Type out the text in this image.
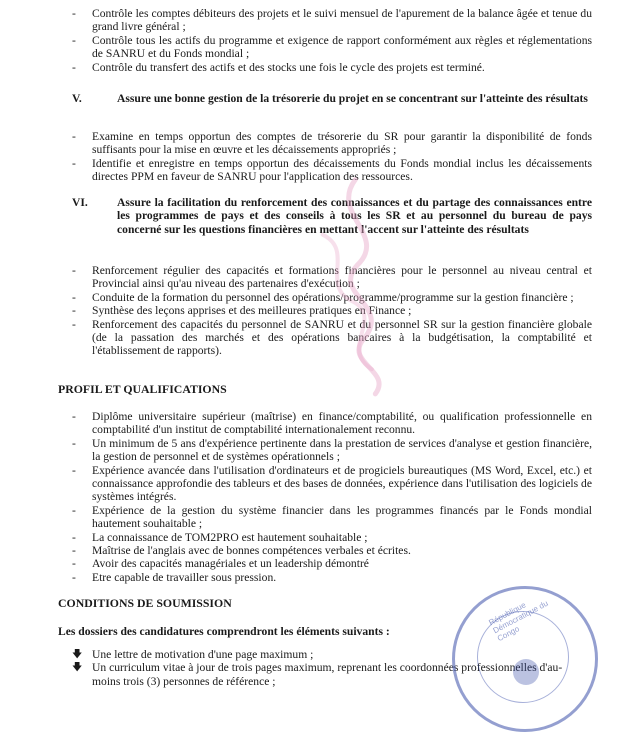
-	Contrôle les comptes débiteurs des projets et le suivi mensuel de l'apurement de la balance âgée et tenue du grand livre général ;
-	Contrôle tous les actifs du programme et exigence de rapport conformément aux règles et réglementations de SANRU et du Fonds mondial ;
-	Contrôle du transfert des actifs et des stocks une fois le cycle des projets est terminé.
V.	Assure une bonne gestion de la trésorerie du projet en se concentrant sur l'atteinte des résultats
-	Examine en temps opportun des comptes de trésorerie du SR pour garantir la disponibilité de fonds suffisants pour la mise en œuvre et les décaissements appropriés ;
-	Identifie et enregistre en temps opportun des décaissements du Fonds mondial inclus les décaissements directes PPM en faveur de SANRU pour l'application des ressources.
VI.	Assure la facilitation du renforcement des connaissances et du partage des connaissances entre les programmes de pays et des conseils à tous les SR et au personnel du bureau de pays concerné sur les questions financières en mettant l'accent sur l'atteinte des résultats
-	Renforcement régulier des capacités et formations financières pour le personnel au niveau central et Provincial ainsi qu'au niveau des partenaires d'exécution ;
-	Conduite de la formation du personnel des opérations/programme/programme sur la gestion financière ;
-	Synthèse des leçons apprises et des meilleures pratiques en Finance ;
-	Renforcement des capacités du personnel de SANRU et du personnel SR sur la gestion financière globale (de la passation des marchés et des opérations bancaires à la budgétisation, la comptabilité et l'établissement de rapports).
PROFIL ET QUALIFICATIONS
-	Diplôme universitaire supérieur (maîtrise) en finance/comptabilité, ou qualification professionnelle en comptabilité d'un institut de comptabilité internationalement reconnu.
-	Un minimum de 5 ans d'expérience pertinente dans la prestation de services d'analyse et gestion financière, la gestion de personnel et de systèmes opérationnels ;
-	Expérience avancée dans l'utilisation d'ordinateurs et de progiciels bureautiques (MS Word, Excel, etc.) et connaissance approfondie des tableurs et des bases de données, expérience dans l'utilisation des logiciels de systèmes intégrés.
-	Expérience de la gestion du système financier dans les programmes financés par le Fonds mondial hautement souhaitable ;
-	La connaissance de TOM2PRO est hautement souhaitable ;
-	Maîtrise de l'anglais avec de bonnes compétences verbales et écrites.
-	Avoir des capacités managériales et un leadership démontré
-	Etre capable de travailler sous pression.
CONDITIONS DE SOUMISSION
Les dossiers des candidatures comprendront les éléments suivants :
🡇 Une lettre de motivation d'une page maximum ;
🡇 Un curriculum vitae à jour de trois pages maximum, reprenant les coordonnées professionnelles d'au-moins trois (3) personnes de référence ;
République Démocratique du Congo
